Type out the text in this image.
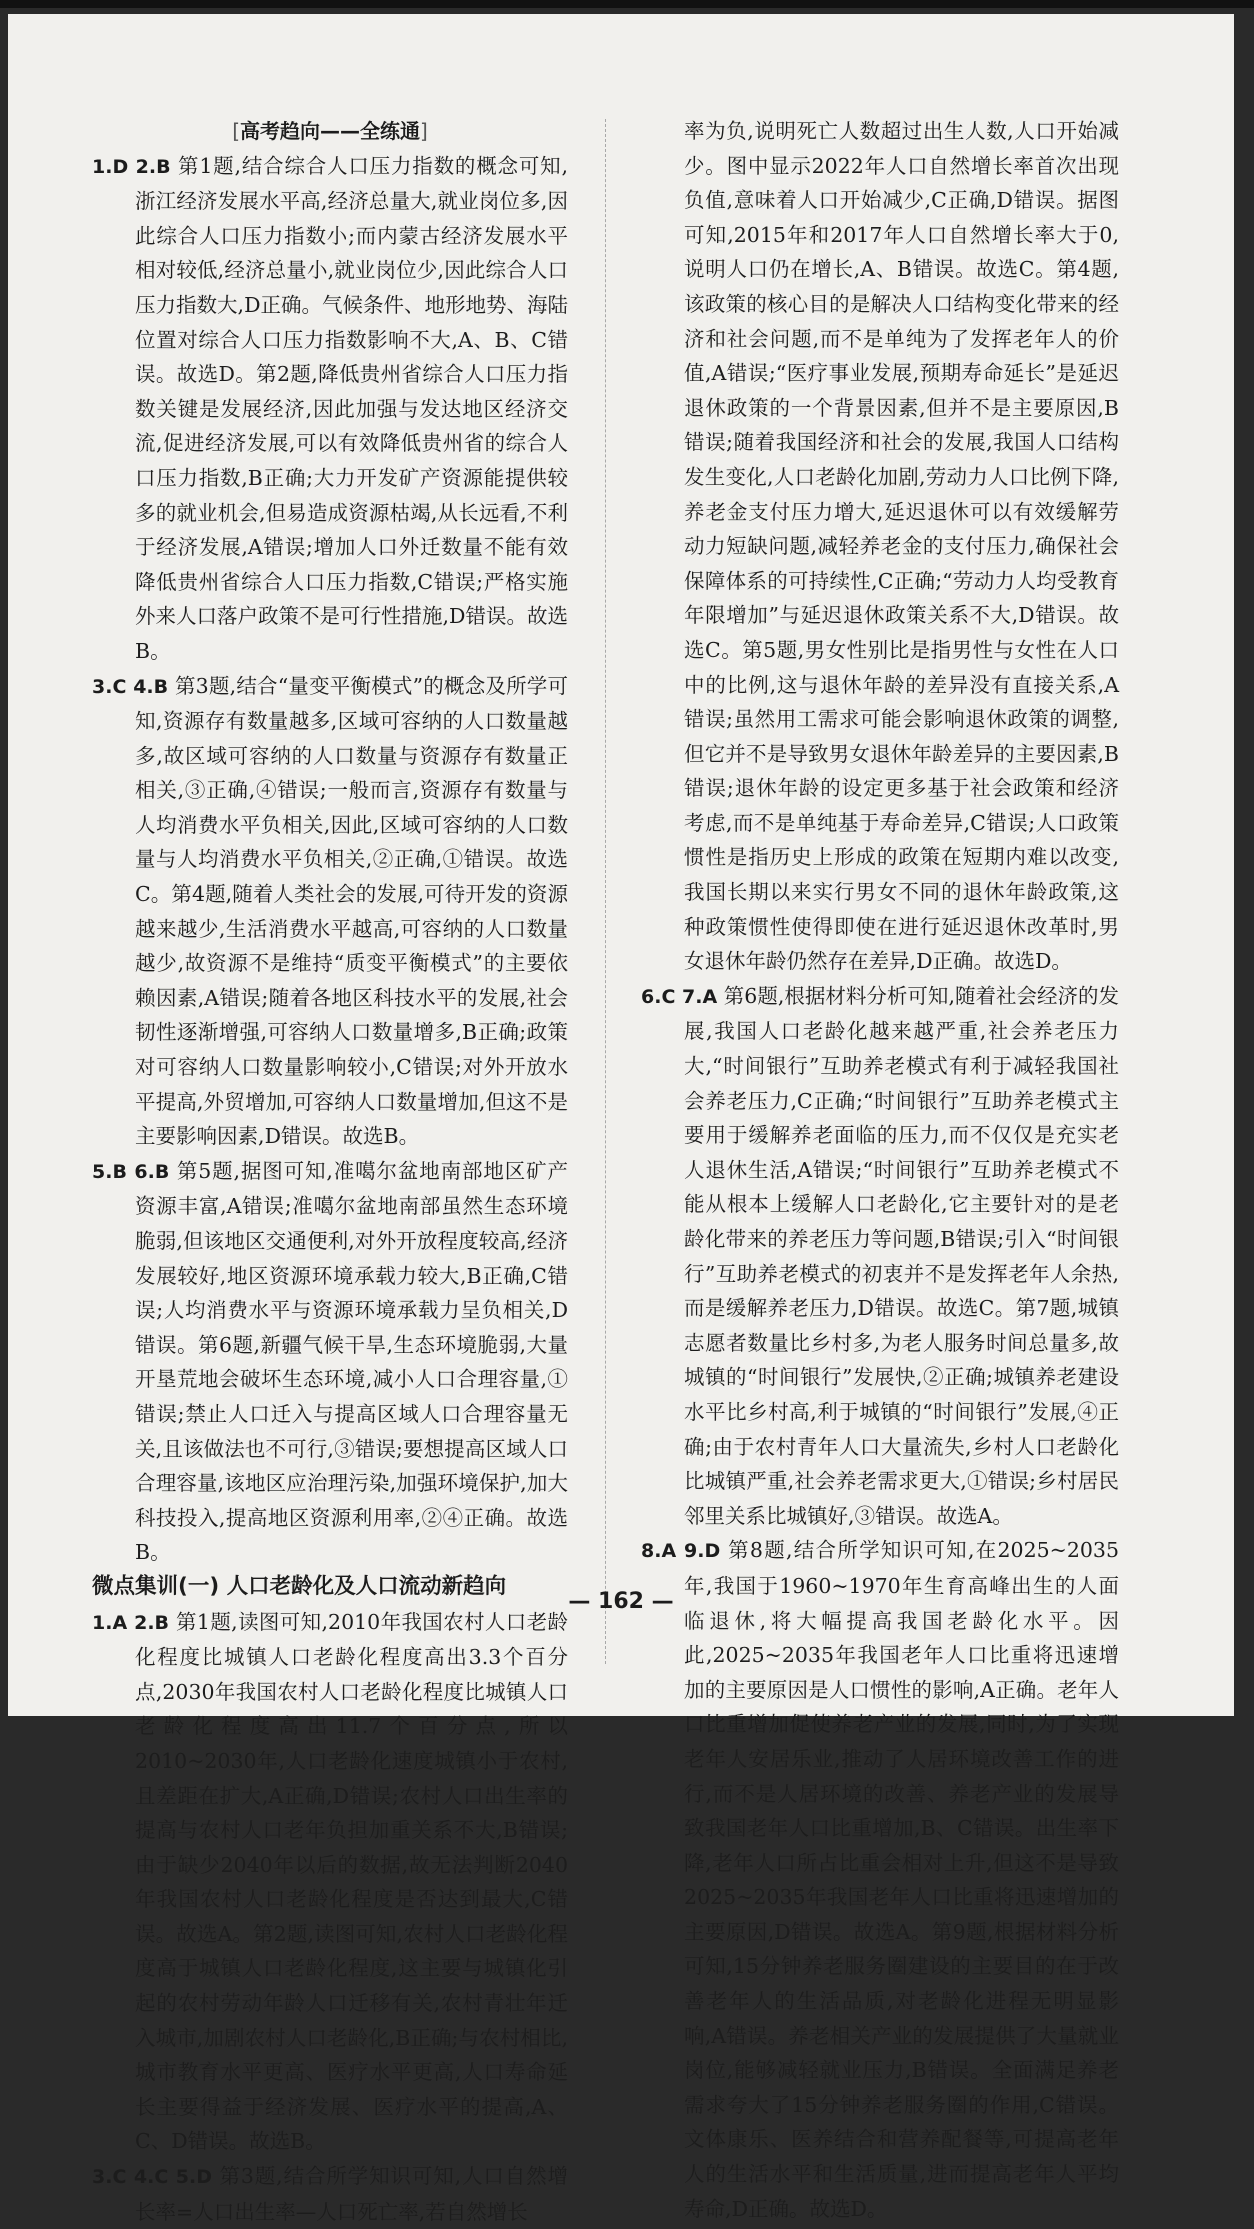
[高考趋向——全练通]

1.D 2.B 第1题,结合综合人口压力指数的概念可知,浙江经济发展水平高,经济总量大,就业岗位多,因此综合人口压力指数小;而内蒙古经济发展水平相对较低,经济总量小,就业岗位少,因此综合人口压力指数大,D正确。气候条件、地形地势、海陆位置对综合人口压力指数影响不大,A、B、C错误。故选D。第2题,降低贵州省综合人口压力指数关键是发展经济,因此加强与发达地区经济交流,促进经济发展,可以有效降低贵州省的综合人口压力指数,B正确;大力开发矿产资源能提供较多的就业机会,但易造成资源枯竭,从长远看,不利于经济发展,A错误;增加人口外迁数量不能有效降低贵州省综合人口压力指数,C错误;严格实施外来人口落户政策不是可行性措施,D错误。故选B。

3.C 4.B 第3题,结合“量变平衡模式”的概念及所学可知,资源存有数量越多,区域可容纳的人口数量越多,故区域可容纳的人口数量与资源存有数量正相关,③正确,④错误;一般而言,资源存有数量与人均消费水平负相关,因此,区域可容纳的人口数量与人均消费水平负相关,②正确,①错误。故选C。第4题,随着人类社会的发展,可待开发的资源越来越少,生活消费水平越高,可容纳的人口数量越少,故资源不是维持“质变平衡模式”的主要依赖因素,A错误;随着各地区科技水平的发展,社会韧性逐渐增强,可容纳人口数量增多,B正确;政策对可容纳人口数量影响较小,C错误;对外开放水平提高,外贸增加,可容纳人口数量增加,但这不是主要影响因素,D错误。故选B。

5.B 6.B 第5题,据图可知,准噶尔盆地南部地区矿产资源丰富,A错误;准噶尔盆地南部虽然生态环境脆弱,但该地区交通便利,对外开放程度较高,经济发展较好,地区资源环境承载力较大,B正确,C错误;人均消费水平与资源环境承载力呈负相关,D错误。第6题,新疆气候干旱,生态环境脆弱,大量开垦荒地会破坏生态环境,减小人口合理容量,①错误;禁止人口迁入与提高区域人口合理容量无关,且该做法也不可行,③错误;要想提高区域人口合理容量,该地区应治理污染,加强环境保护,加大科技投入,提高地区资源利用率,②④正确。故选B。

微点集训(一) 人口老龄化及人口流动新趋向

1.A 2.B 第1题,读图可知,2010年我国农村人口老龄化程度比城镇人口老龄化程度高出3.3个百分点,2030年我国农村人口老龄化程度比城镇人口老龄化程度高出11.7个百分点,所以2010~2030年,人口老龄化速度城镇小于农村,且差距在扩大,A正确,D错误;农村人口出生率的提高与农村人口老年负担加重关系不大,B错误;由于缺少2040年以后的数据,故无法判断2040年我国农村人口老龄化程度是否达到最大,C错误。故选A。第2题,读图可知,农村人口老龄化程度高于城镇人口老龄化程度,这主要与城镇化引起的农村劳动年龄人口迁移有关,农村青壮年迁入城市,加剧农村人口老龄化,B正确;与农村相比,城市教育水平更高、医疗水平更高,人口寿命延长主要得益于经济发展、医疗水平的提高,A、C、D错误。故选B。

3.C 4.C 5.D 第3题,结合所学知识可知,人口自然增长率=人口出生率—人口死亡率,若自然增长

率为负,说明死亡人数超过出生人数,人口开始减少。图中显示2022年人口自然增长率首次出现负值,意味着人口开始减少,C正确,D错误。据图可知,2015年和2017年人口自然增长率大于0,说明人口仍在增长,A、B错误。故选C。第4题,该政策的核心目的是解决人口结构变化带来的经济和社会问题,而不是单纯为了发挥老年人的价值,A错误;“医疗事业发展,预期寿命延长”是延迟退休政策的一个背景因素,但并不是主要原因,B错误;随着我国经济和社会的发展,我国人口结构发生变化,人口老龄化加剧,劳动力人口比例下降,养老金支付压力增大,延迟退休可以有效缓解劳动力短缺问题,减轻养老金的支付压力,确保社会保障体系的可持续性,C正确;“劳动力人均受教育年限增加”与延迟退休政策关系不大,D错误。故选C。第5题,男女性别比是指男性与女性在人口中的比例,这与退休年龄的差异没有直接关系,A错误;虽然用工需求可能会影响退休政策的调整,但它并不是导致男女退休年龄差异的主要因素,B错误;退休年龄的设定更多基于社会政策和经济考虑,而不是单纯基于寿命差异,C错误;人口政策惯性是指历史上形成的政策在短期内难以改变,我国长期以来实行男女不同的退休年龄政策,这种政策惯性使得即使在进行延迟退休改革时,男女退休年龄仍然存在差异,D正确。故选D。

6.C 7.A 第6题,根据材料分析可知,随着社会经济的发展,我国人口老龄化越来越严重,社会养老压力大,“时间银行”互助养老模式有利于减轻我国社会养老压力,C正确;“时间银行”互助养老模式主要用于缓解养老面临的压力,而不仅仅是充实老人退休生活,A错误;“时间银行”互助养老模式不能从根本上缓解人口老龄化,它主要针对的是老龄化带来的养老压力等问题,B错误;引入“时间银行”互助养老模式的初衷并不是发挥老年人余热,而是缓解养老压力,D错误。故选C。第7题,城镇志愿者数量比乡村多,为老人服务时间总量多,故城镇的“时间银行”发展快,②正确;城镇养老建设水平比乡村高,利于城镇的“时间银行”发展,④正确;由于农村青年人口大量流失,乡村人口老龄化比城镇严重,社会养老需求更大,①错误;乡村居民邻里关系比城镇好,③错误。故选A。

8.A 9.D 第8题,结合所学知识可知,在2025~2035年,我国于1960~1970年生育高峰出生的人面临退休,将大幅提高我国老龄化水平。因此,2025~2035年我国老年人口比重将迅速增加的主要原因是人口惯性的影响,A正确。老年人口比重增加促使养老产业的发展,同时,为了实现老年人安居乐业,推动了人居环境改善工作的进行,而不是人居环境的改善、养老产业的发展导致我国老年人口比重增加,B、C错误。出生率下降,老年人口所占比重会相对上升,但这不是导致2025~2035年我国老年人口比重将迅速增加的主要原因,D错误。故选A。第9题,根据材料分析可知,15分钟养老服务圈建设的主要目的在于改善老年人的生活品质,对老龄化进程无明显影响,A错误。养老相关产业的发展提供了大量就业岗位,能够减轻就业压力,B错误。全面满足养老需求夸大了15分钟养老服务圈的作用,C错误。文体康乐、医养结合和营养配餐等,可提高老年人的生活水平和生活质量,进而提高老年人平均寿命,D正确。故选D。

— 162 —
